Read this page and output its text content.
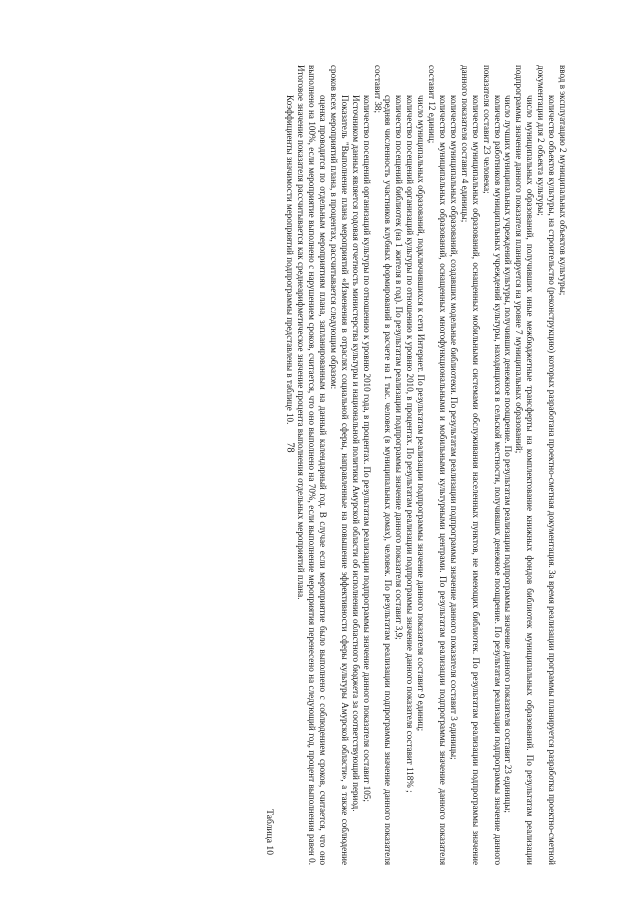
78

ввод в эксплуатацию 2 муниципальных объектов культуры;

количество объектов культуры, на строительство (реконструкцию) которых разработана проектно-сметная документация. За время реализации программы планируется разработка проектно-сметной документации для 2 объекта культуры;

число муниципальных образований, получивших иные межбюджетные трансферты на комплектование книжных фондов библиотек муниципальных образований. По результатам реализации подпрограммы значение данного показателя планируется на уровне 7 муниципальных образований;

число лучших муниципальных учреждений культуры, получивших денежное поощрение. По результатам реализации подпрограммы значение данного показателя составит 23 единицы;

количество работников муниципальных учреждений культуры, находящихся в сельской местности, получивших денежное поощрение. По результатам реализации подпрограммы значение данного показателя составит 23 человека;

количество муниципальных образований, оснащенных мобильными системами обслуживания населенных пунктов, не имеющих библиотек. По результатам реализации подпрограммы значение данного показателя составит 4 единицы;

количество муниципальных образований, создавших модельные библиотеки. По результатам реализации подпрограммы значение данного показателя составит 3 единицы;

количество муниципальных образований, оснащенных многофункциональными и мобильными культурными центрами. По результатам реализации подпрограммы значение данного показателя составит 12 единиц;

число муниципальных образований, подключившихся к сети Интернет. По результатам реализации подпрограммы значение данного показателя составит 9 единиц;

количество посещений организаций культуры по отношению к уровню 2010, в процентах. По результатам реализации подпрограммы значение данного показателя составит 118% ;

количество посещений библиотек (на 1 жителя в год). По результатам реализации подпрограммы значение данного показателя составит 3,9;

средняя численность участников клубных формирований в расчете на 1 тыс. человек (в муниципальных домах), человек. По результатам реализации подпрограммы значение данного показателя составит 38;

количество посещений организаций культуры по отношению к уровню 2010 года, в процентах. По результатам реализации подпрограммы значение данного показателя составит 105;

Источником данных является годовая отчетность министерства культуры и национальной политики Амурской области об исполнении областного бюджета за соответствующий период.

Показатель "Выполнение плана мероприятий «Изменения в отраслях социальной сферы, направленные на повышение эффективности сферы культуры Амурской области», а также соблюдение сроков всех мероприятий плана, в процентах, рассчитывается следующим образом:

оценка проводится по отдельным мероприятиям плана, запланированным на данный календарный год. В случае если мероприятие было выполнено с соблюдением сроков, считается, что оно выполнено на 100%, если мероприятие выполнено с нарушением сроков, считается, что оно выполнено на 70%, если выполнение мероприятия перенесено на следующий год, процент выполнения равен 0. Итоговое значение показателя рассчитывается как среднеарифметическое значение процента выполнения отдельных мероприятий плана.

Коэффициенты значимости мероприятий подпрограммы представлены в таблице 10.

Таблица 10
